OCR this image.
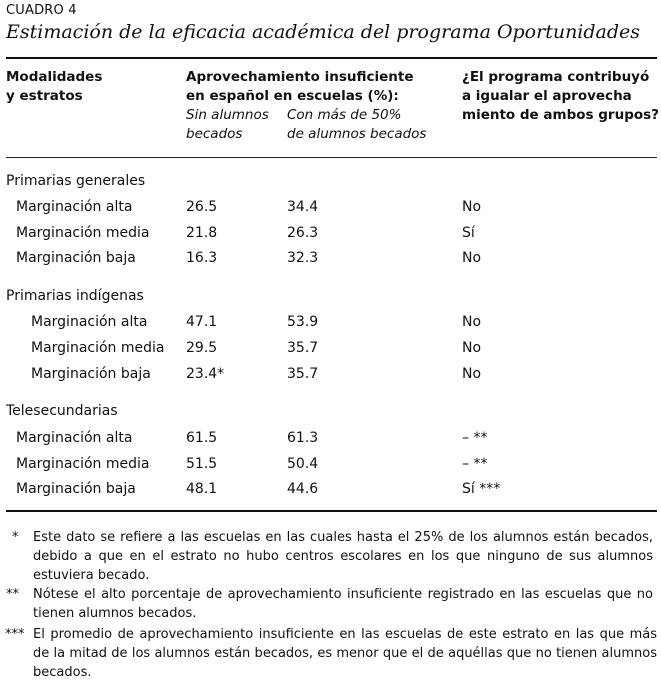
CUADRO 4
Estimación de la eficacia académica del programa Oportunidades
Modalidades
y estratos
Aprovechamiento insuficiente
en español en escuelas (%):
Sin alumnos
becados
Con más de 50%
de alumnos becados
¿El programa contribuyó
a igualar el aprovecha
miento de ambos grupos?
Primarias generales
Marginación alta	26.5	34.4	No
Marginación media	21.8	26.3	Sí
Marginación baja	16.3	32.3	No
Primarias indígenas
Marginación alta	47.1	53.9	No
Marginación media 29.5	35.7	No
Marginación baja	23.4*	35.7	No
Telesecundarias
Marginación alta	61.5	61.3	– **
Marginación media	51.5	50.4	– **
Marginación baja	48.1	44.6	Sí ***
* Este dato se refiere a las escuelas en las cuales hasta el 25% de los alumnos están becados, debido a que en el estrato no hubo centros escolares en los que ninguno de sus alumnos estuviera becado.
** Nótese el alto porcentaje de aprovechamiento insuficiente registrado en las escuelas que no tienen alumnos becados.
*** El promedio de aprovechamiento insuficiente en las escuelas de este estrato en las que más de la mitad de los alumnos están becados, es menor que el de aquéllas que no tienen alumnos becados.
